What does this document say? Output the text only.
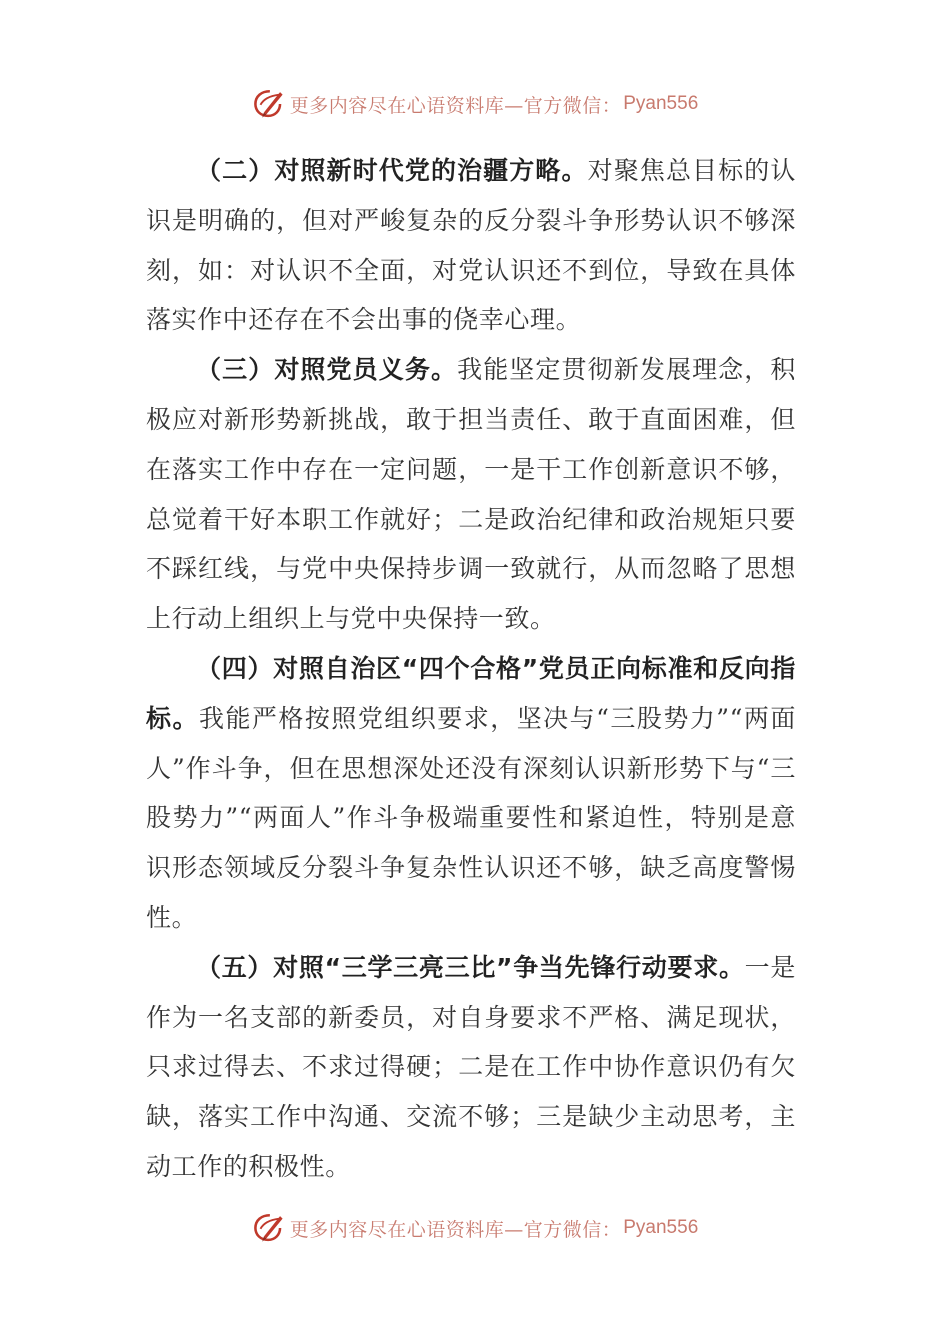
更多内容尽在心语资料库—官方微信： Pyan556

（二）对照新时代党的治疆方略。对聚焦总目标的认识是明确的，但对严峻复杂的反分裂斗争形势认识不够深刻，如：对认识不全面，对党认识还不到位，导致在具体落实作中还存在不会出事的侥幸心理。

（三）对照党员义务。我能坚定贯彻新发展理念，积极应对新形势新挑战，敢于担当责任、敢于直面困难，但在落实工作中存在一定问题，一是干工作创新意识不够，总觉着干好本职工作就好；二是政治纪律和政治规矩只要不踩红线，与党中央保持步调一致就行，从而忽略了思想上行动上组织上与党中央保持一致。

（四）对照自治区“四个合格”党员正向标准和反向指标。我能严格按照党组织要求，坚决与“三股势力”“两面人”作斗争，但在思想深处还没有深刻认识新形势下与“三股势力”“两面人”作斗争极端重要性和紧迫性，特别是意识形态领域反分裂斗争复杂性认识还不够，缺乏高度警惕性。

（五）对照“三学三亮三比”争当先锋行动要求。一是作为一名支部的新委员，对自身要求不严格、满足现状，只求过得去、不求过得硬；二是在工作中协作意识仍有欠缺，落实工作中沟通、交流不够；三是缺少主动思考，主动工作的积极性。

更多内容尽在心语资料库—官方微信： Pyan556
